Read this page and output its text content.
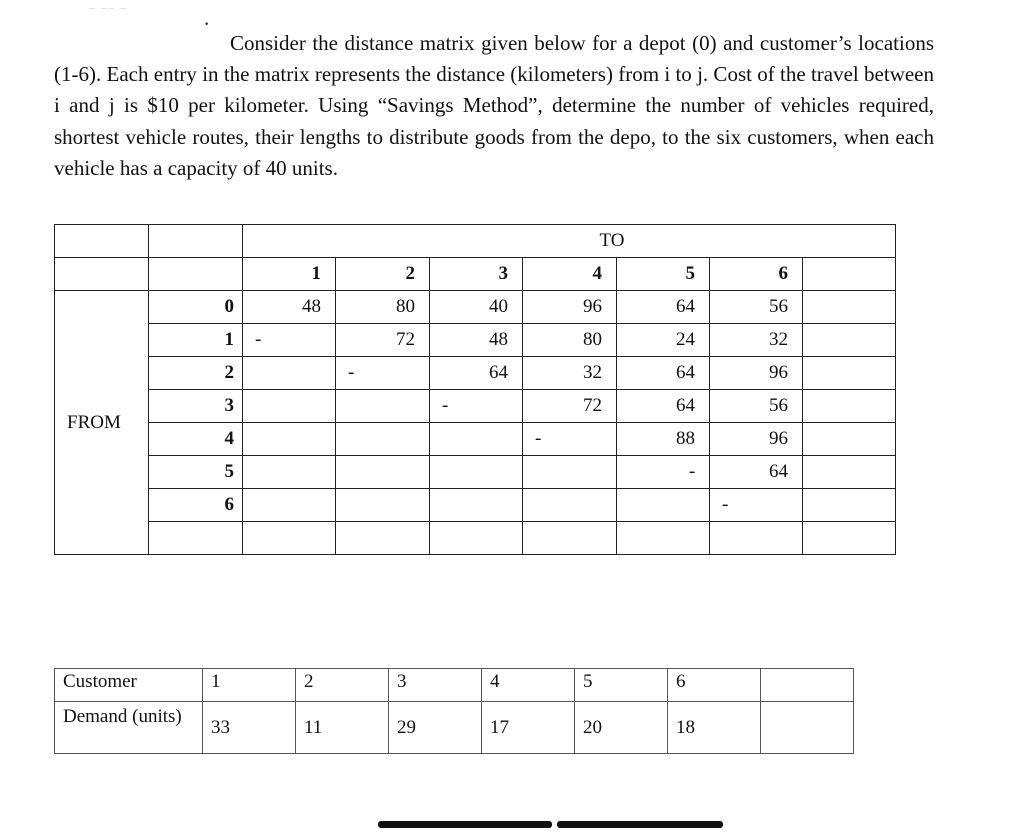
‾ ‾‾ ‾	·

Consider the distance matrix given below for a depot (0) and customer’s locations (1-6). Each entry in the matrix represents the distance (kilometers) from i to j. Cost of the travel between i and j is $10 per kilometer. Using “Savings Method”, determine the number of vehicles required, shortest vehicle routes, their lengths to distribute goods from the depo, to the six customers, when each vehicle has a capacity of 40 units.

		TO						
		1	2	3	4	5	6	
FROM	0	48	80	40	96	64	56	
	1	-	72	48	80	24	32	
	2		-	64	32	64	96	
	3			-	72	64	56	
	4				-	88	96	
	5					-	64	
	6						-	

Customer	1	2	3	4	5	6	
Demand (units)	33	11	29	17	20	18	
